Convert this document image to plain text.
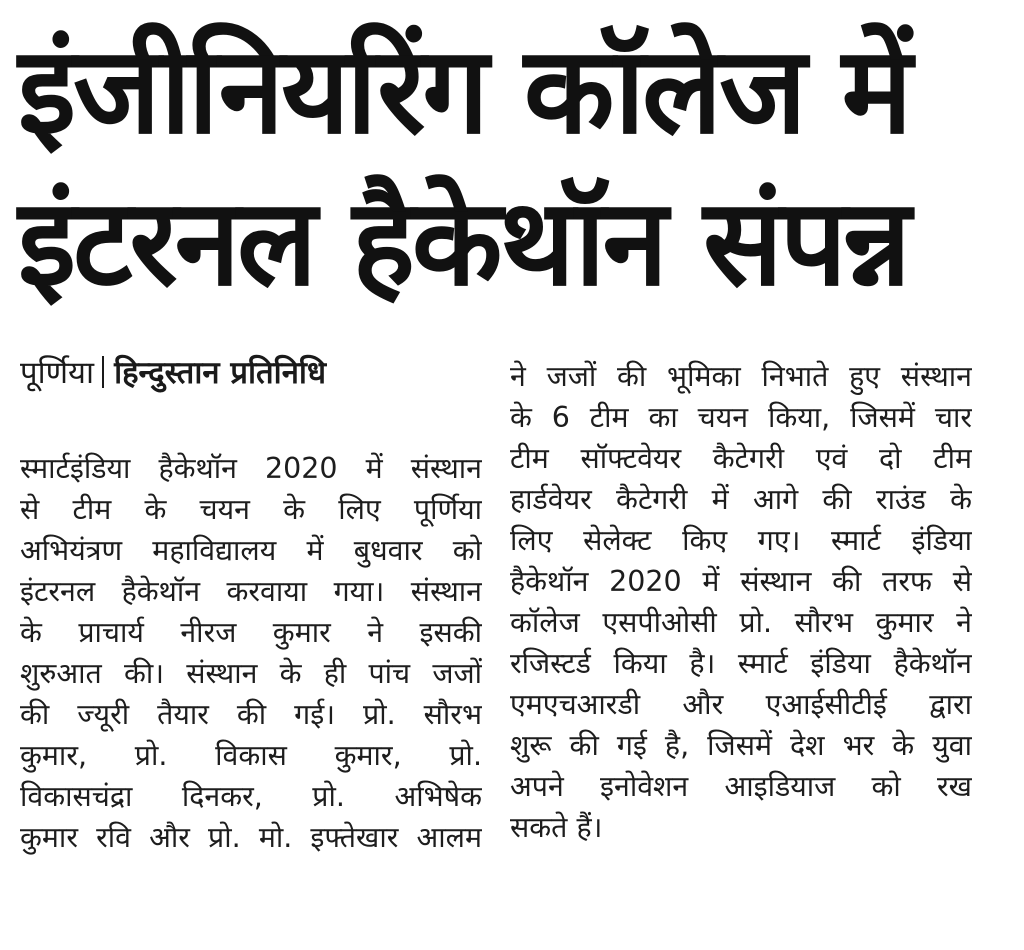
इंजीनियरिंग कॉलेज में
इंटरनल हैकेथॉन संपन्न
पूर्णिया हिन्दुस्तान प्रतिनिधि

स्मार्टइंडिया हैकेथॉन 2020 में संस्थान
से टीम के चयन के लिए पूर्णिया
अभियंत्रण महाविद्यालय में बुधवार को
इंटरनल हैकेथॉन करवाया गया। संस्थान
के प्राचार्य नीरज कुमार ने इसकी
शुरुआत की। संस्थान के ही पांच जजों
की ज्यूरी तैयार की गई। प्रो. सौरभ
कुमार, प्रो. विकास कुमार, प्रो.
विकासचंद्रा दिनकर, प्रो. अभिषेक
कुमार रवि और प्रो. मो. इफ्तेखार आलम

ने जजों की भूमिका निभाते हुए संस्थान
के 6 टीम का चयन किया, जिसमें चार
टीम सॉफ्टवेयर कैटेगरी एवं दो टीम
हार्डवेयर कैटेगरी में आगे की राउंड के
लिए सेलेक्ट किए गए। स्मार्ट इंडिया
हैकेथॉन 2020 में संस्थान की तरफ से
कॉलेज एसपीओसी प्रो. सौरभ कुमार ने
रजिस्टर्ड किया है। स्मार्ट इंडिया हैकेथॉन
एमएचआरडी और एआईसीटीई द्वारा
शुरू की गई है, जिसमें देश भर के युवा
अपने इनोवेशन आइडियाज को रख
सकते हैं।
